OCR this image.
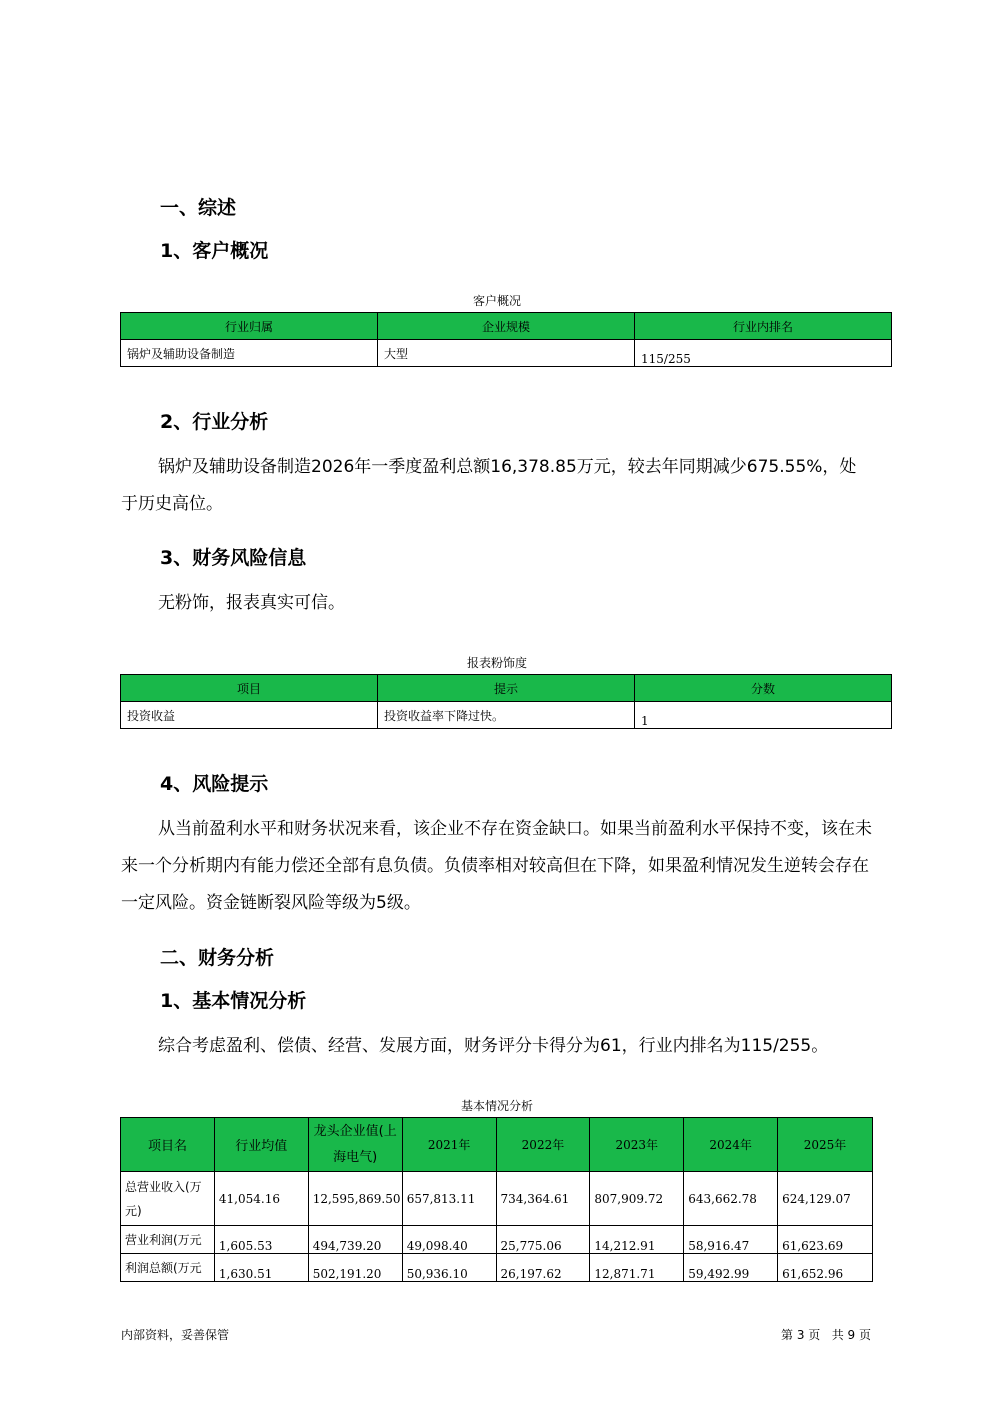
一、综述
1、客户概况
客户概况
行业归属	企业规模	行业内排名
锅炉及辅助设备制造	大型	115/255
2、行业分析
锅炉及辅助设备制造2026年一季度盈利总额16,378.85万元，较去年同期减少675.55%，处于历史高位。
3、财务风险信息
无粉饰，报表真实可信。
报表粉饰度
项目	提示	分数
投资收益	投资收益率下降过快。	1
4、风险提示
从当前盈利水平和财务状况来看，该企业不存在资金缺口。如果当前盈利水平保持不变，该在未来一个分析期内有能力偿还全部有息负债。负债率相对较高但在下降，如果盈利情况发生逆转会存在一定风险。资金链断裂风险等级为5级。
二、财务分析
1、基本情况分析
综合考虑盈利、偿债、经营、发展方面，财务评分卡得分为61，行业内排名为115/255。
基本情况分析
项目名	行业均值	龙头企业值(上海电气)	2021年	2022年	2023年	2024年	2025年
总营业收入(万元)	41,054.16	12,595,869.50	657,813.11	734,364.61	807,909.72	643,662.78	624,129.07
营业利润(万元	1,605.53	494,739.20	49,098.40	25,775.06	14,212.91	58,916.47	61,623.69
利润总额(万元	1,630.51	502,191.20	50,936.10	26,197.62	12,871.71	59,492.99	61,652.96
内部资料，妥善保管	第 3 页   共 9 页
